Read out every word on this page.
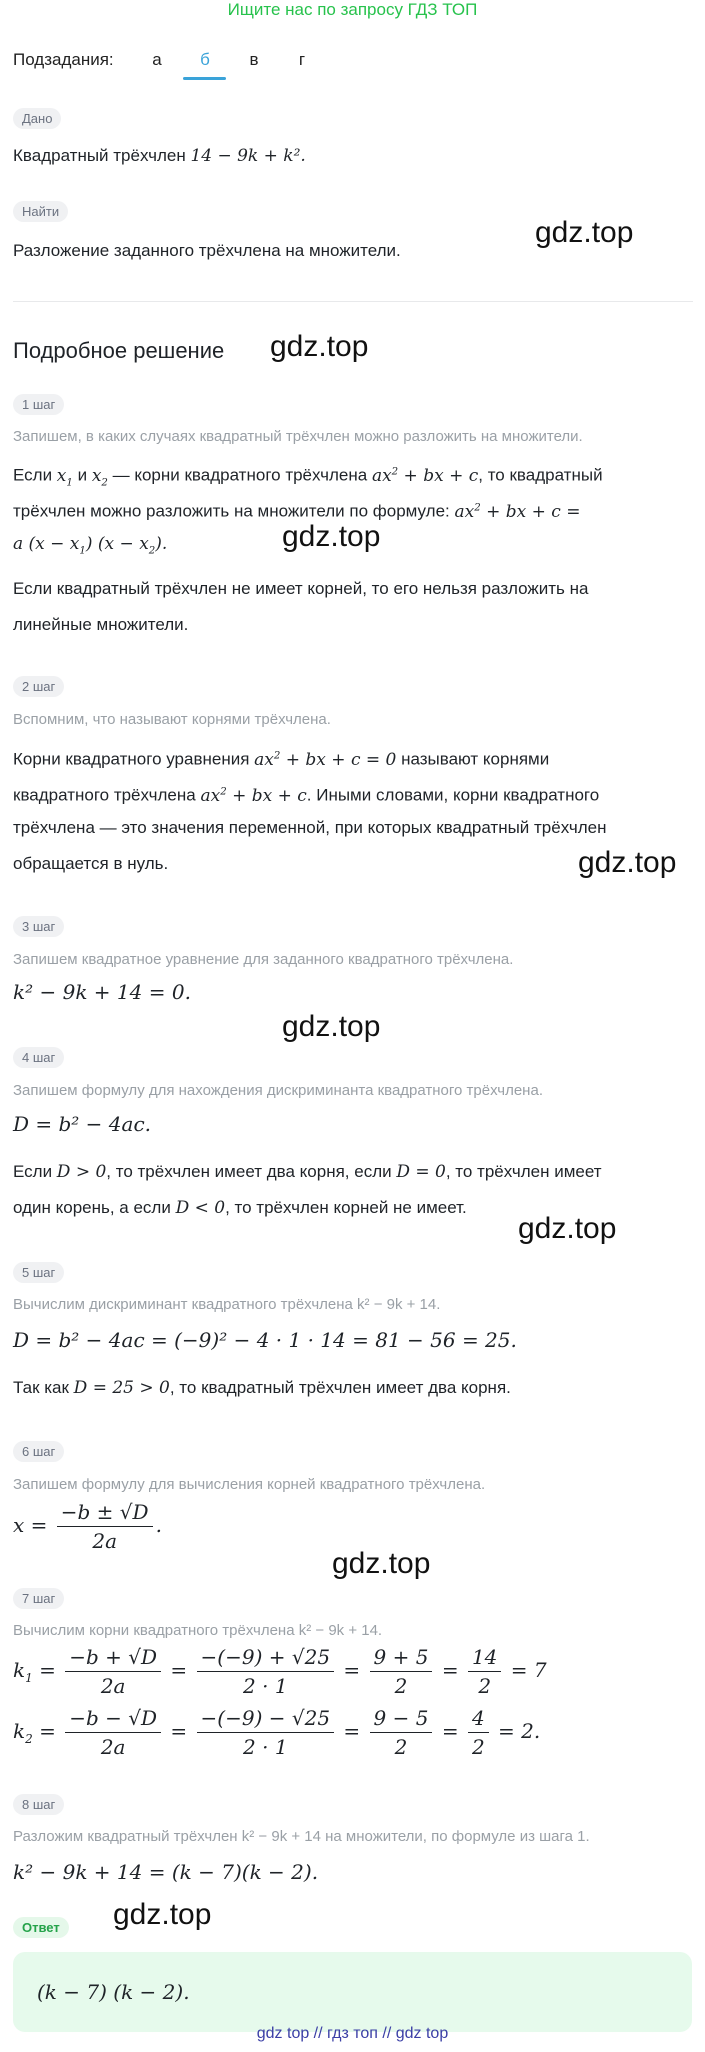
Ищите нас по запросу ГДЗ ТОП
Подзадания:	а	б	в	г
Дано
Квадратный трёхчлен 14 − 9k + k².
Найти
Разложение заданного трёхчлена на множители.
Подробное решение
1 шаг
Запишем, в каких случаях квадратный трёхчлен можно разложить на множители.
Если $x_1$ и $x_2$ — корни квадратного трёхчлена $ax^2$ + bx + c, то квадратный
трёхчлен можно разложить на множители по формуле: $ax^2$ + bx + c =
a $(x - x_1)$ $(x - x_2)$.
Если квадратный трёхчлен не имеет корней, то его нельзя разложить на
линейные множители.
2 шаг
Вспомним, что называют корнями трёхчлена.
Корни квадратного уравнения $ax^2$ + bx + c = 0 называют корнями
квадратного трёхчлена $ax^2$ + bx + c. Иными словами, корни квадратного
трёхчлена — это значения переменной, при которых квадратный трёхчлен
обращается в нуль.
3 шаг
Запишем квадратное уравнение для заданного квадратного трёхчлена.
k² − 9k + 14 = 0.
4 шаг
Запишем формулу для нахождения дискриминанта квадратного трёхчлена.
D = b² − 4ac.
Если D > 0, то трёхчлен имеет два корня, если D = 0, то трёхчлен имеет
один корень, а если D < 0, то трёхчлен корней не имеет.
5 шаг
Вычислим дискриминант квадратного трёхчлена k² − 9k + 14.
D = b² − 4ac = (−9)² − 4 · 1 · 14 = 81 − 56 = 25.
Так как D = 25 > 0, то квадратный трёхчлен имеет два корня.
6 шаг
Запишем формулу для вычисления корней квадратного трёхчлена.
$x = \frac{-b \pm √D}{2a}$ .
7 шаг
Вычислим корни квадратного трёхчлена k² − 9k + 14.
$k_1 = \frac{-b + √D}{2a} = \frac{-(-9) + √25}{2 \cdot 1} = \frac{9 + 5}{2} = \frac{14}{2} = 7$
$k_2 = \frac{-b - √D}{2a} = \frac{-(-9) - √25}{2 \cdot 1} = \frac{9 - 5}{2} = \frac{4}{2} = 2$.
8 шаг
Разложим квадратный трёхчлен k² − 9k + 14 на множители, по формуле из шага 1.
k² − 9k + 14 = (k − 7)(k − 2).
Ответ
(k − 7) (k − 2).
gdz.top
gdz.top
gdz.top
gdz.top
gdz.top
gdz.top
gdz.top
gdz.top
gdz top // гдз топ // gdz top
